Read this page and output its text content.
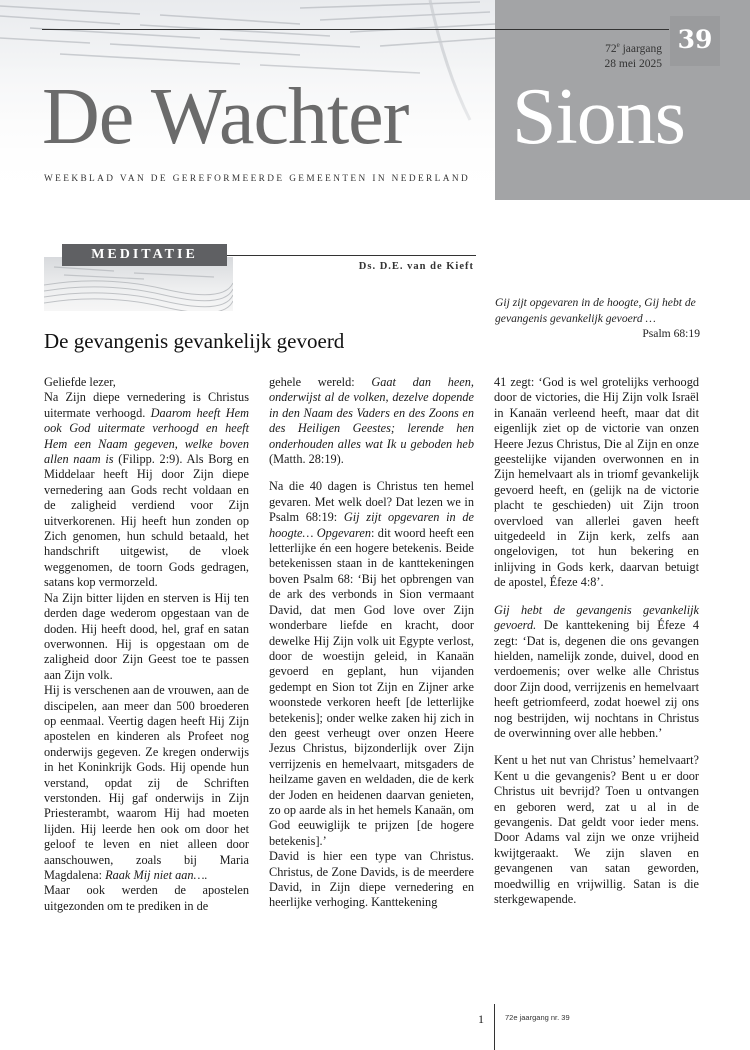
39
72e jaargang
28 mei 2025
De Wachter Sions
WEEKBLAD VAN DE GEREFORMEERDE GEMEENTEN IN NEDERLAND
MEDITATIE
Ds. D.E. van de Kieft
Gij zijt opgevaren in de hoogte, Gij hebt de gevangenis gevankelijk gevoerd …
Psalm 68:19
De gevangenis gevankelijk gevoerd

Geliefde lezer,

Na Zijn diepe vernedering is Christus uitermate verhoogd. Daarom heeft Hem ook God uitermate verhoogd en heeft Hem een Naam gegeven, welke boven allen naam is (Filipp. 2:9). Als Borg en Middelaar heeft Hij door Zijn diepe vernedering aan Gods recht voldaan en de zaligheid verdiend voor Zijn uitverkorenen. Hij heeft hun zonden op Zich genomen, hun schuld betaald, het handschrift uitgewist, de vloek weggenomen, de toorn Gods gedragen, satans kop vermorzeld.

Na Zijn bitter lijden en sterven is Hij ten derden dage wederom opgestaan van de doden. Hij heeft dood, hel, graf en satan overwonnen. Hij is opgestaan om de zaligheid door Zijn Geest toe te passen aan Zijn volk.

Hij is verschenen aan de vrouwen, aan de discipelen, aan meer dan 500 broederen op eenmaal. Veertig dagen heeft Hij Zijn apostelen en kinderen als Profeet nog onderwijs gegeven. Ze kregen onderwijs in het Koninkrijk Gods. Hij opende hun verstand, opdat zij de Schriften verstonden. Hij gaf onderwijs in Zijn Priesterambt, waarom Hij had moeten lijden. Hij leerde hen ook om door het geloof te leven en niet alleen door aanschouwen, zoals bij Maria Magdalena: Raak Mij niet aan….

Maar ook werden de apostelen uitgezonden om te prediken in de

gehele wereld: Gaat dan heen, onderwijst al de volken, dezelve dopende in den Naam des Vaders en des Zoons en des Heiligen Geestes; lerende hen onderhouden alles wat Ik u geboden heb (Matth. 28:19).

Na die 40 dagen is Christus ten hemel gevaren. Met welk doel? Dat lezen we in Psalm 68:19: Gij zijt opgevaren in de hoogte… Opgevaren: dit woord heeft een letterlijke én een hogere betekenis. Beide betekenissen staan in de kanttekeningen boven Psalm 68: ‘Bij het opbrengen van de ark des verbonds in Sion vermaant David, dat men God love over Zijn wonderbare liefde en kracht, door dewelke Hij Zijn volk uit Egypte verlost, door de woestijn geleid, in Kanaän gevoerd en geplant, hun vijanden gedempt en Sion tot Zijn en Zijner arke woonstede verkoren heeft [de letterlijke betekenis]; onder welke zaken hij zich in den geest verheugt over onzen Heere Jezus Christus, bijzonderlijk over Zijn verrijzenis en hemelvaart, mitsgaders de heilzame gaven en weldaden, die de kerk der Joden en heidenen daarvan genieten, zo op aarde als in het hemels Kanaän, om God eeuwiglijk te prijzen [de hogere betekenis].’

David is hier een type van Christus. Christus, de Zone Davids, is de meerdere David, in Zijn diepe vernedering en heerlijke verhoging. Kanttekening

41 zegt: ‘God is wel grotelijks verhoogd door de victories, die Hij Zijn volk Israël in Kanaän verleend heeft, maar dat dit eigenlijk ziet op de victorie van onzen Heere Jezus Christus, Die al Zijn en onze geestelijke vijanden overwonnen en in Zijn hemelvaart als in triomf gevankelijk gevoerd heeft, en (gelijk na de victorie placht te geschieden) uit Zijn troon overvloed van allerlei gaven heeft uitgedeeld in Zijn kerk, zelfs aan ongelovigen, tot hun bekering en inlijving in Gods kerk, daarvan betuigt de apostel, Éfeze 4:8’.

Gij hebt de gevangenis gevankelijk gevoerd. De kanttekening bij Éfeze 4 zegt: ‘Dat is, degenen die ons gevangen hielden, namelijk zonde, duivel, dood en verdoemenis; over welke alle Christus door Zijn dood, verrijzenis en hemelvaart heeft getriomfeerd, zodat hoewel zij ons nog bestrijden, wij nochtans in Christus de overwinning over alle hebben.’

Kent u het nut van Christus’ hemelvaart? Kent u die gevangenis? Bent u er door Christus uit bevrijd? Toen u ontvangen en geboren werd, zat u al in de gevangenis. Dat geldt voor ieder mens. Door Adams val zijn we onze vrijheid kwijtgeraakt. We zijn slaven en gevangenen van satan geworden, moedwillig en vrijwillig. Satan is die sterkgewapende.

1	72e jaargang nr. 39
